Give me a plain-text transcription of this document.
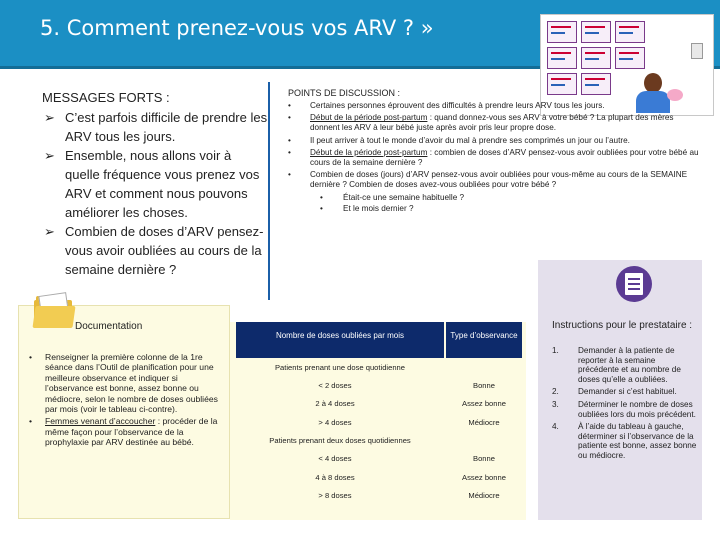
5. Comment prenez-vous vos ARV ? »
MESSAGES FORTS :
➢ C’est parfois difficile de prendre les ARV tous les jours.
➢ Ensemble, nous allons voir à quelle fréquence vous prenez vos ARV et comment nous pouvons améliorer les choses.
➢ Combien de doses d’ARV pensez-vous avoir oubliées au cours de la semaine dernière ?
POINTS DE DISCUSSION :
• Certaines personnes éprouvent des difficultés à prendre leurs ARV tous les jours.
• Début de la période post-partum : quand donnez-vous ses ARV à votre bébé ? La plupart des mères donnent les ARV à leur bébé juste après avoir pris leur propre dose.
• Il peut arriver à tout le monde d’avoir du mal à prendre ses comprimés un jour ou l’autre.
• Début de la période post-partum : combien de doses d’ARV pensez-vous avoir oubliées pour votre bébé au cours de la semaine dernière ?
• Combien de doses (jours) d’ARV pensez-vous avoir oubliées pour vous-même au cours de la SEMAINE dernière ? Combien de doses avez-vous oubliées pour votre bébé ?
• Était-ce une semaine habituelle ?
• Et le mois dernier ?
Documentation
• Renseigner la première colonne de la 1re séance dans l’Outil de planification pour une meilleure observance et indiquer si l’observance est bonne, assez bonne ou médiocre, selon le nombre de doses oubliées par mois (voir le tableau ci-contre).
• Femmes venant d’accoucher : procéder de la même façon pour l’observance de la prophylaxie par ARV destinée au bébé.
Nombre de doses oubliées par mois	Type d’observance
Patients prenant une dose quotidienne
< 2 doses	Bonne
2 à 4 doses	Assez bonne
> 4 doses	Médiocre
Patients prenant deux doses quotidiennes
< 4 doses	Bonne
4 à 8 doses	Assez bonne
> 8 doses	Médiocre
Instructions pour le prestataire :
1. Demander à la patiente de reporter à la semaine précédente et au nombre de doses qu’elle a oubliées.
2. Demander si c’est habituel.
3. Déterminer le nombre de doses oubliées lors du mois précédent.
4. À l’aide du tableau à gauche, déterminer si l’observance de la patiente est bonne, assez bonne ou médiocre.
